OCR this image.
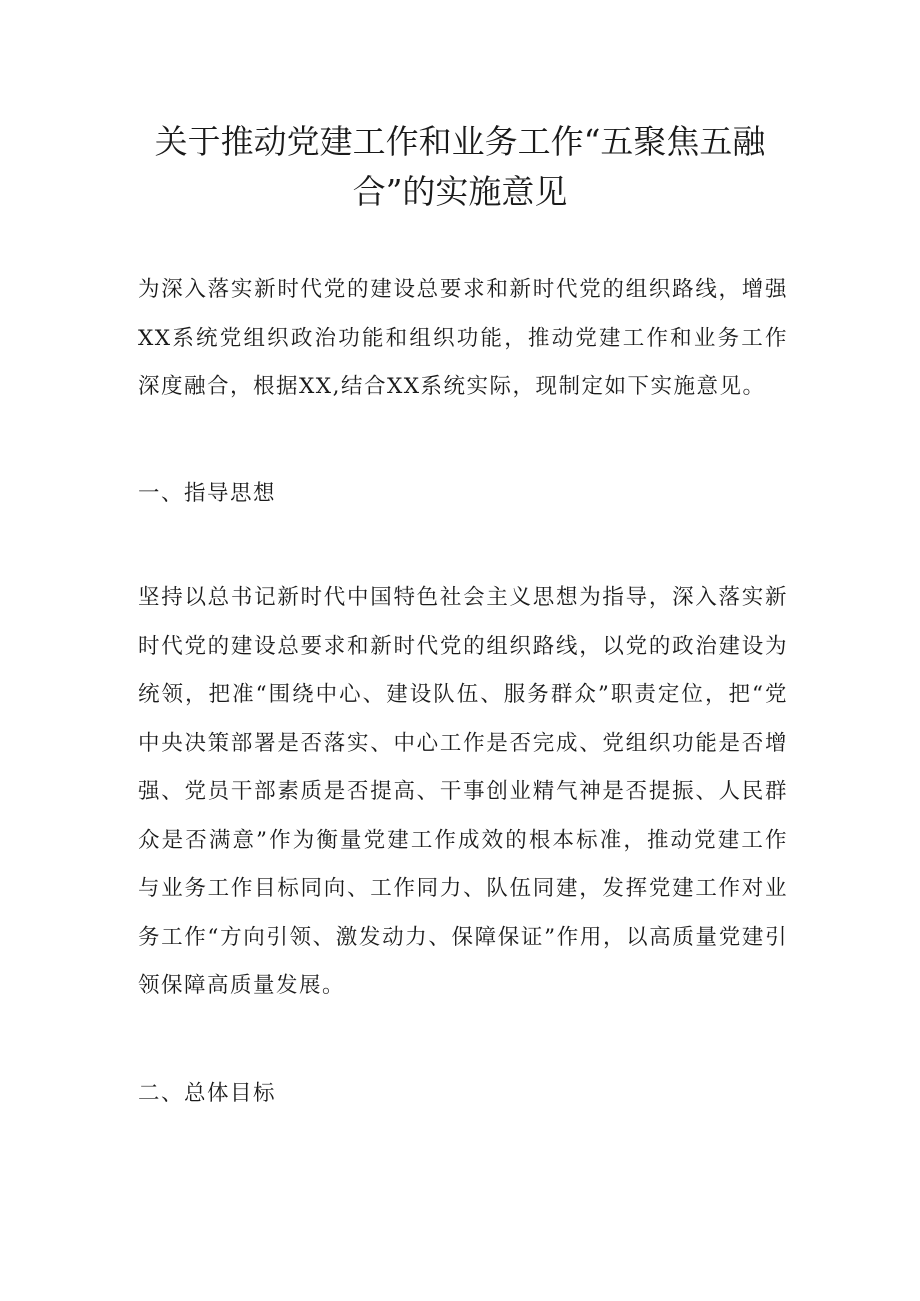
关于推动党建工作和业务工作“五聚焦五融合”的实施意见

为深入落实新时代党的建设总要求和新时代党的组织路线，增强XX系统党组织政治功能和组织功能，推动党建工作和业务工作深度融合，根据XX,结合XX系统实际，现制定如下实施意见。

一、指导思想

坚持以总书记新时代中国特色社会主义思想为指导，深入落实新时代党的建设总要求和新时代党的组织路线，以党的政治建设为统领，把准“围绕中心、建设队伍、服务群众”职责定位，把“党中央决策部署是否落实、中心工作是否完成、党组织功能是否增强、党员干部素质是否提高、干事创业精气神是否提振、人民群众是否满意”作为衡量党建工作成效的根本标准，推动党建工作与业务工作目标同向、工作同力、队伍同建，发挥党建工作对业务工作“方向引领、激发动力、保障保证”作用，以高质量党建引领保障高质量发展。

二、总体目标
